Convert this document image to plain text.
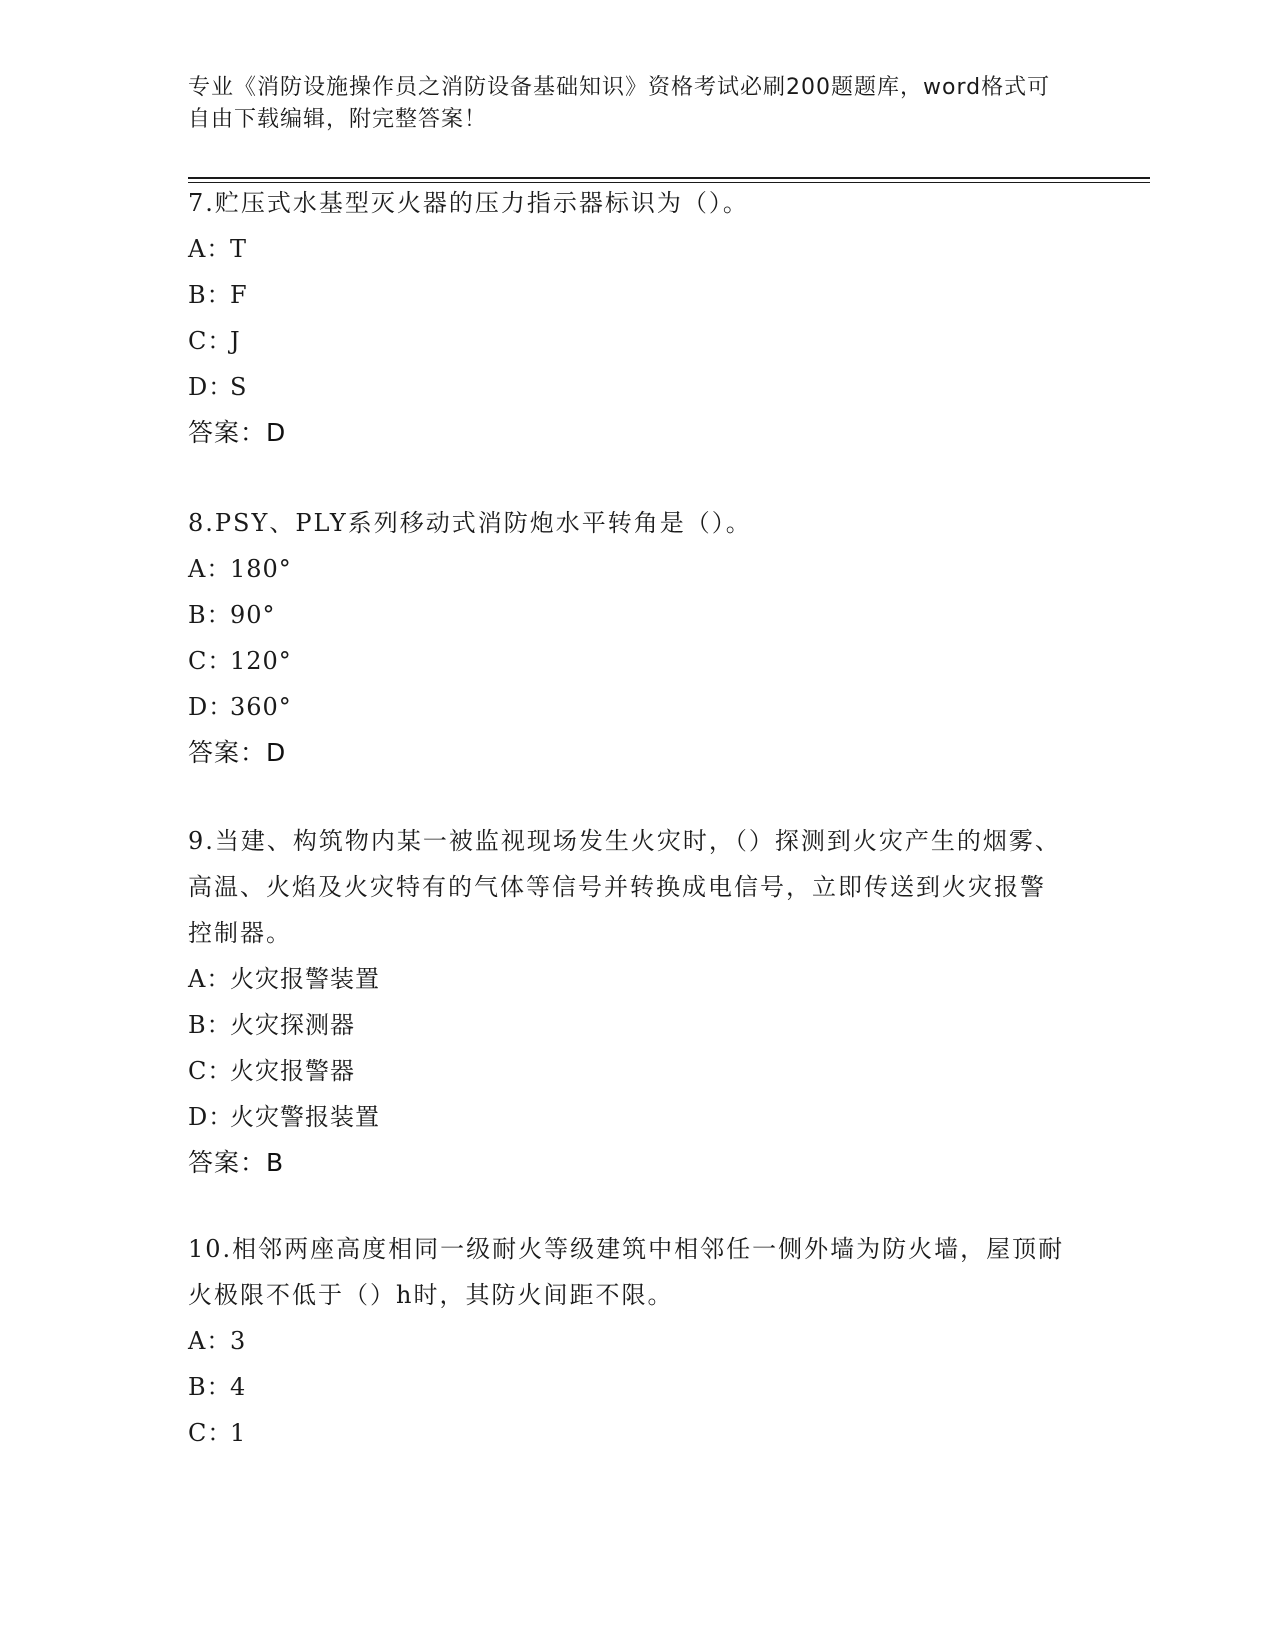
专业《消防设施操作员之消防设备基础知识》资格考试必刷200题题库，word格式可自由下载编辑，附完整答案！

7.贮压式水基型灭火器的压力指示器标识为（）。

A：
T
B：
F
C：
J
D：
S
答案：D

8.PSY、PLY系列移动式消防炮水平转角是（）。

A：
180°
B：
90°
C：
120°
D：
360°
答案：D

9.当建、构筑物内某一被监视现场发生火灾时，（）探测到火灾产生的烟雾、高温、火焰及火灾特有的气体等信号并转换成电信号，立即传送到火灾报警控制器。

A：
火灾报警装置
B：
火灾探测器
C：
火灾报警器
D：
火灾警报装置
答案：B

10.相邻两座高度相同一级耐火等级建筑中相邻任一侧外墙为防火墙，屋顶耐火极限不低于（）h时，其防火间距不限。

A：
3
B：
4
C：
1
